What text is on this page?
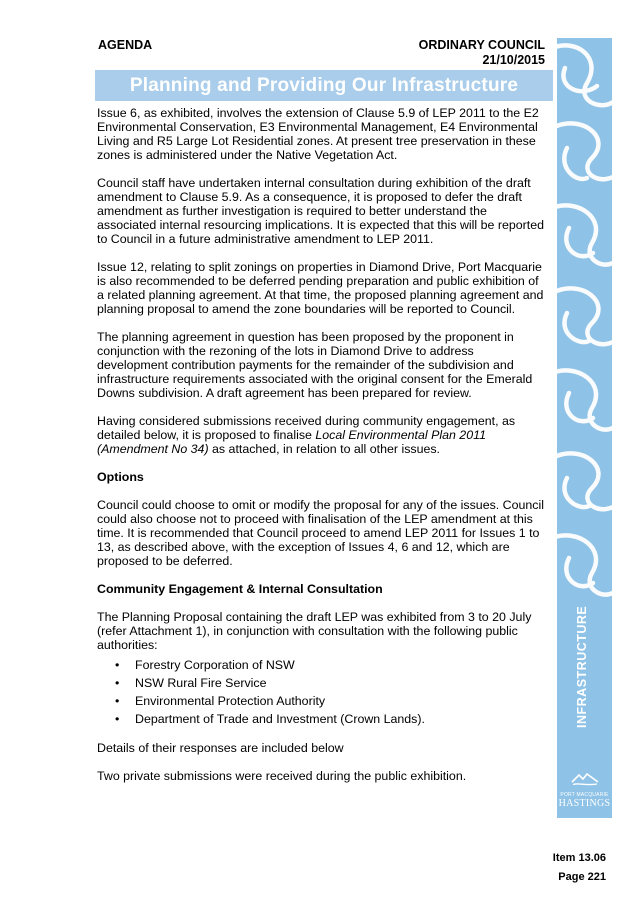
AGENDA	ORDINARY COUNCIL
21/10/2015
Planning and Providing Our Infrastructure
INFRASTRUCTURE
PORT MACQUARIE
HASTINGS

Issue 6, as exhibited, involves the extension of Clause 5.9 of LEP 2011 to the E2 Environmental Conservation, E3 Environmental Management, E4 Environmental Living and R5 Large Lot Residential zones. At present tree preservation in these zones is administered under the Native Vegetation Act.

Council staff have undertaken internal consultation during exhibition of the draft amendment to Clause 5.9. As a consequence, it is proposed to defer the draft amendment as further investigation is required to better understand the associated internal resourcing implications. It is expected that this will be reported to Council in a future administrative amendment to LEP 2011.

Issue 12, relating to split zonings on properties in Diamond Drive, Port Macquarie is also recommended to be deferred pending preparation and public exhibition of a related planning agreement. At that time, the proposed planning agreement and planning proposal to amend the zone boundaries will be reported to Council.

The planning agreement in question has been proposed by the proponent in conjunction with the rezoning of the lots in Diamond Drive to address development contribution payments for the remainder of the subdivision and infrastructure requirements associated with the original consent for the Emerald Downs subdivision. A draft agreement has been prepared for review.

Having considered submissions received during community engagement, as detailed below, it is proposed to finalise Local Environmental Plan 2011 (Amendment No 34) as attached, in relation to all other issues.

Options

Council could choose to omit or modify the proposal for any of the issues. Council could also choose not to proceed with finalisation of the LEP amendment at this time. It is recommended that Council proceed to amend LEP 2011 for Issues 1 to 13, as described above, with the exception of Issues 4, 6 and 12, which are proposed to be deferred.

Community Engagement & Internal Consultation

The Planning Proposal containing the draft LEP was exhibited from 3 to 20 July (refer Attachment 1), in conjunction with consultation with the following public authorities:

• Forestry Corporation of NSW
• NSW Rural Fire Service
• Environmental Protection Authority
• Department of Trade and Investment (Crown Lands).

Details of their responses are included below

Two private submissions were received during the public exhibition.

Item 13.06
Page 221
